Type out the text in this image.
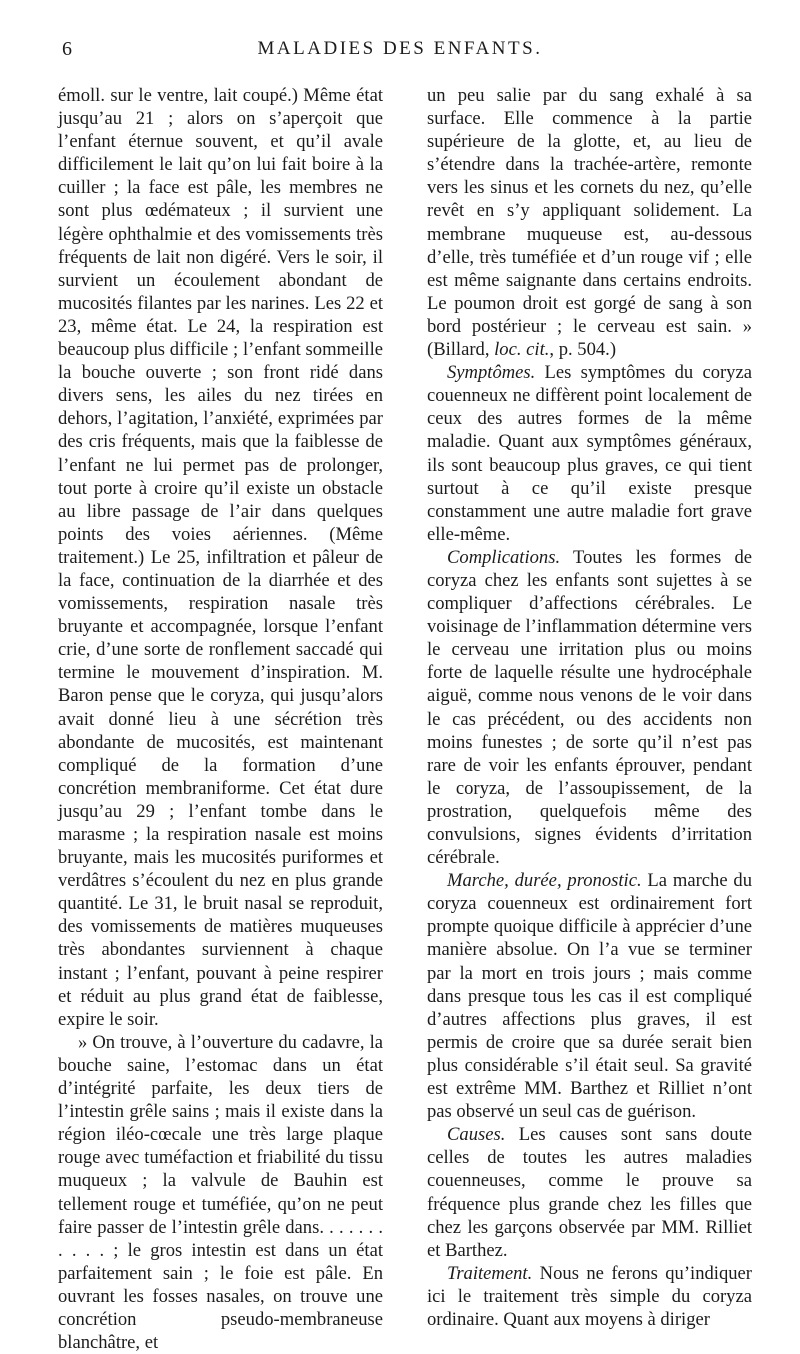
6	MALADIES DES ENFANTS.

émoll. sur le ventre, lait coupé.) Même état jusqu’au 21 ; alors on s’aperçoit que l’enfant éternue souvent, et qu’il avale difficilement le lait qu’on lui fait boire à la cuiller ; la face est pâle, les membres ne sont plus œdémateux ; il survient une légère ophthalmie et des vomissements très fréquents de lait non digéré. Vers le soir, il survient un écoulement abondant de mucosités filantes par les narines. Les 22 et 23, même état. Le 24, la respiration est beaucoup plus difficile ; l’enfant sommeille la bouche ouverte ; son front ridé dans divers sens, les ailes du nez tirées en dehors, l’agitation, l’anxiété, exprimées par des cris fréquents, mais que la faiblesse de l’enfant ne lui permet pas de prolonger, tout porte à croire qu’il existe un obstacle au libre passage de l’air dans quelques points des voies aériennes. (Même traitement.) Le 25, infiltration et pâleur de la face, continuation de la diarrhée et des vomissements, respiration nasale très bruyante et accompagnée, lorsque l’enfant crie, d’une sorte de ronflement saccadé qui termine le mouvement d’inspiration. M. Baron pense que le coryza, qui jusqu’alors avait donné lieu à une sécrétion très abondante de mucosités, est maintenant compliqué de la formation d’une concrétion membraniforme. Cet état dure jusqu’au 29 ; l’enfant tombe dans le marasme ; la respiration nasale est moins bruyante, mais les mucosités puriformes et verdâtres s’écoulent du nez en plus grande quantité. Le 31, le bruit nasal se reproduit, des vomissements de matières muqueuses très abondantes surviennent à chaque instant ; l’enfant, pouvant à peine respirer et réduit au plus grand état de faiblesse, expire le soir.

» On trouve, à l’ouverture du cadavre, la bouche saine, l’estomac dans un état d’intégrité parfaite, les deux tiers de l’intestin grêle sains ; mais il existe dans la région iléo-cœcale une très large plaque rouge avec tuméfaction et friabilité du tissu muqueux ; la valvule de Bauhin est tellement rouge et tuméfiée, qu’on ne peut faire passer de l’intestin grêle dans. . . . . . . . . . . ; le gros intestin est dans un état parfaitement sain ; le foie est pâle. En ouvrant les fosses nasales, on trouve une concrétion pseudo-membraneuse blanchâtre, et

un peu salie par du sang exhalé à sa surface. Elle commence à la partie supérieure de la glotte, et, au lieu de s’étendre dans la trachée-artère, remonte vers les sinus et les cornets du nez, qu’elle revêt en s’y appliquant solidement. La membrane muqueuse est, au-dessous d’elle, très tuméfiée et d’un rouge vif ; elle est même saignante dans certains endroits. Le poumon droit est gorgé de sang à son bord postérieur ; le cerveau est sain. » (Billard, loc. cit., p. 504.)

Symptômes. Les symptômes du coryza couenneux ne diffèrent point localement de ceux des autres formes de la même maladie. Quant aux symptômes généraux, ils sont beaucoup plus graves, ce qui tient surtout à ce qu’il existe presque constamment une autre maladie fort grave elle-même.

Complications. Toutes les formes de coryza chez les enfants sont sujettes à se compliquer d’affections cérébrales. Le voisinage de l’inflammation détermine vers le cerveau une irritation plus ou moins forte de laquelle résulte une hydrocéphale aiguë, comme nous venons de le voir dans le cas précédent, ou des accidents non moins funestes ; de sorte qu’il n’est pas rare de voir les enfants éprouver, pendant le coryza, de l’assoupissement, de la prostration, quelquefois même des convulsions, signes évidents d’irritation cérébrale.

Marche, durée, pronostic. La marche du coryza couenneux est ordinairement fort prompte quoique difficile à apprécier d’une manière absolue. On l’a vue se terminer par la mort en trois jours ; mais comme dans presque tous les cas il est compliqué d’autres affections plus graves, il est permis de croire que sa durée serait bien plus considérable s’il était seul. Sa gravité est extrême MM. Barthez et Rilliet n’ont pas observé un seul cas de guérison.

Causes. Les causes sont sans doute celles de toutes les autres maladies couenneuses, comme le prouve sa fréquence plus grande chez les filles que chez les garçons observée par MM. Rilliet et Barthez.

Traitement. Nous ne ferons qu’indiquer ici le traitement très simple du coryza ordinaire. Quant aux moyens à diriger
